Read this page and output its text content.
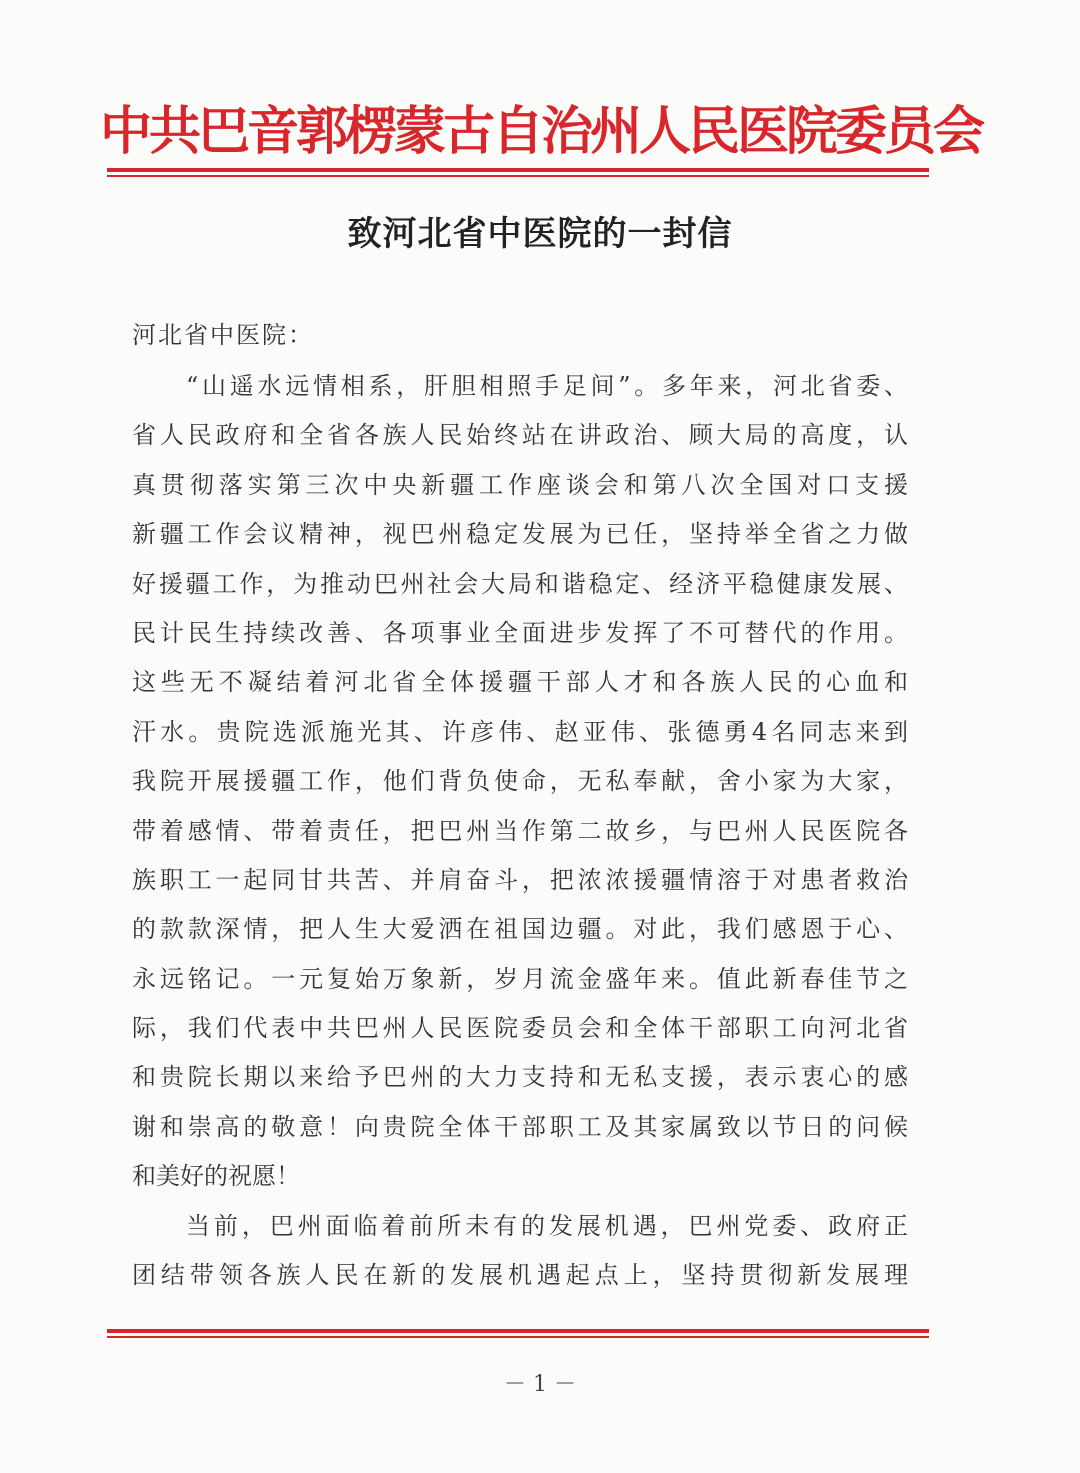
中共巴音郭楞蒙古自治州人民医院委员会
致河北省中医院的一封信
河北省中医院：
“山遥水远情相系，肝胆相照手足间”。多年来，河北省委、
省人民政府和全省各族人民始终站在讲政治、顾大局的高度，认
真贯彻落实第三次中央新疆工作座谈会和第八次全国对口支援
新疆工作会议精神，视巴州稳定发展为已任，坚持举全省之力做
好援疆工作，为推动巴州社会大局和谐稳定、经济平稳健康发展、
民计民生持续改善、各项事业全面进步发挥了不可替代的作用。
这些无不凝结着河北省全体援疆干部人才和各族人民的心血和
汗水。贵院选派施光其、许彦伟、赵亚伟、张德勇4名同志来到
我院开展援疆工作，他们背负使命，无私奉献，舍小家为大家，
带着感情、带着责任，把巴州当作第二故乡，与巴州人民医院各
族职工一起同甘共苦、并肩奋斗，把浓浓援疆情溶于对患者救治
的款款深情，把人生大爱洒在祖国边疆。对此，我们感恩于心、
永远铭记。一元复始万象新，岁月流金盛年来。值此新春佳节之
际，我们代表中共巴州人民医院委员会和全体干部职工向河北省
和贵院长期以来给予巴州的大力支持和无私支援，表示衷心的感
谢和崇高的敬意！向贵院全体干部职工及其家属致以节日的问候
和美好的祝愿！
当前，巴州面临着前所未有的发展机遇，巴州党委、政府正
团结带领各族人民在新的发展机遇起点上，坚持贯彻新发展理
－ 1 －
